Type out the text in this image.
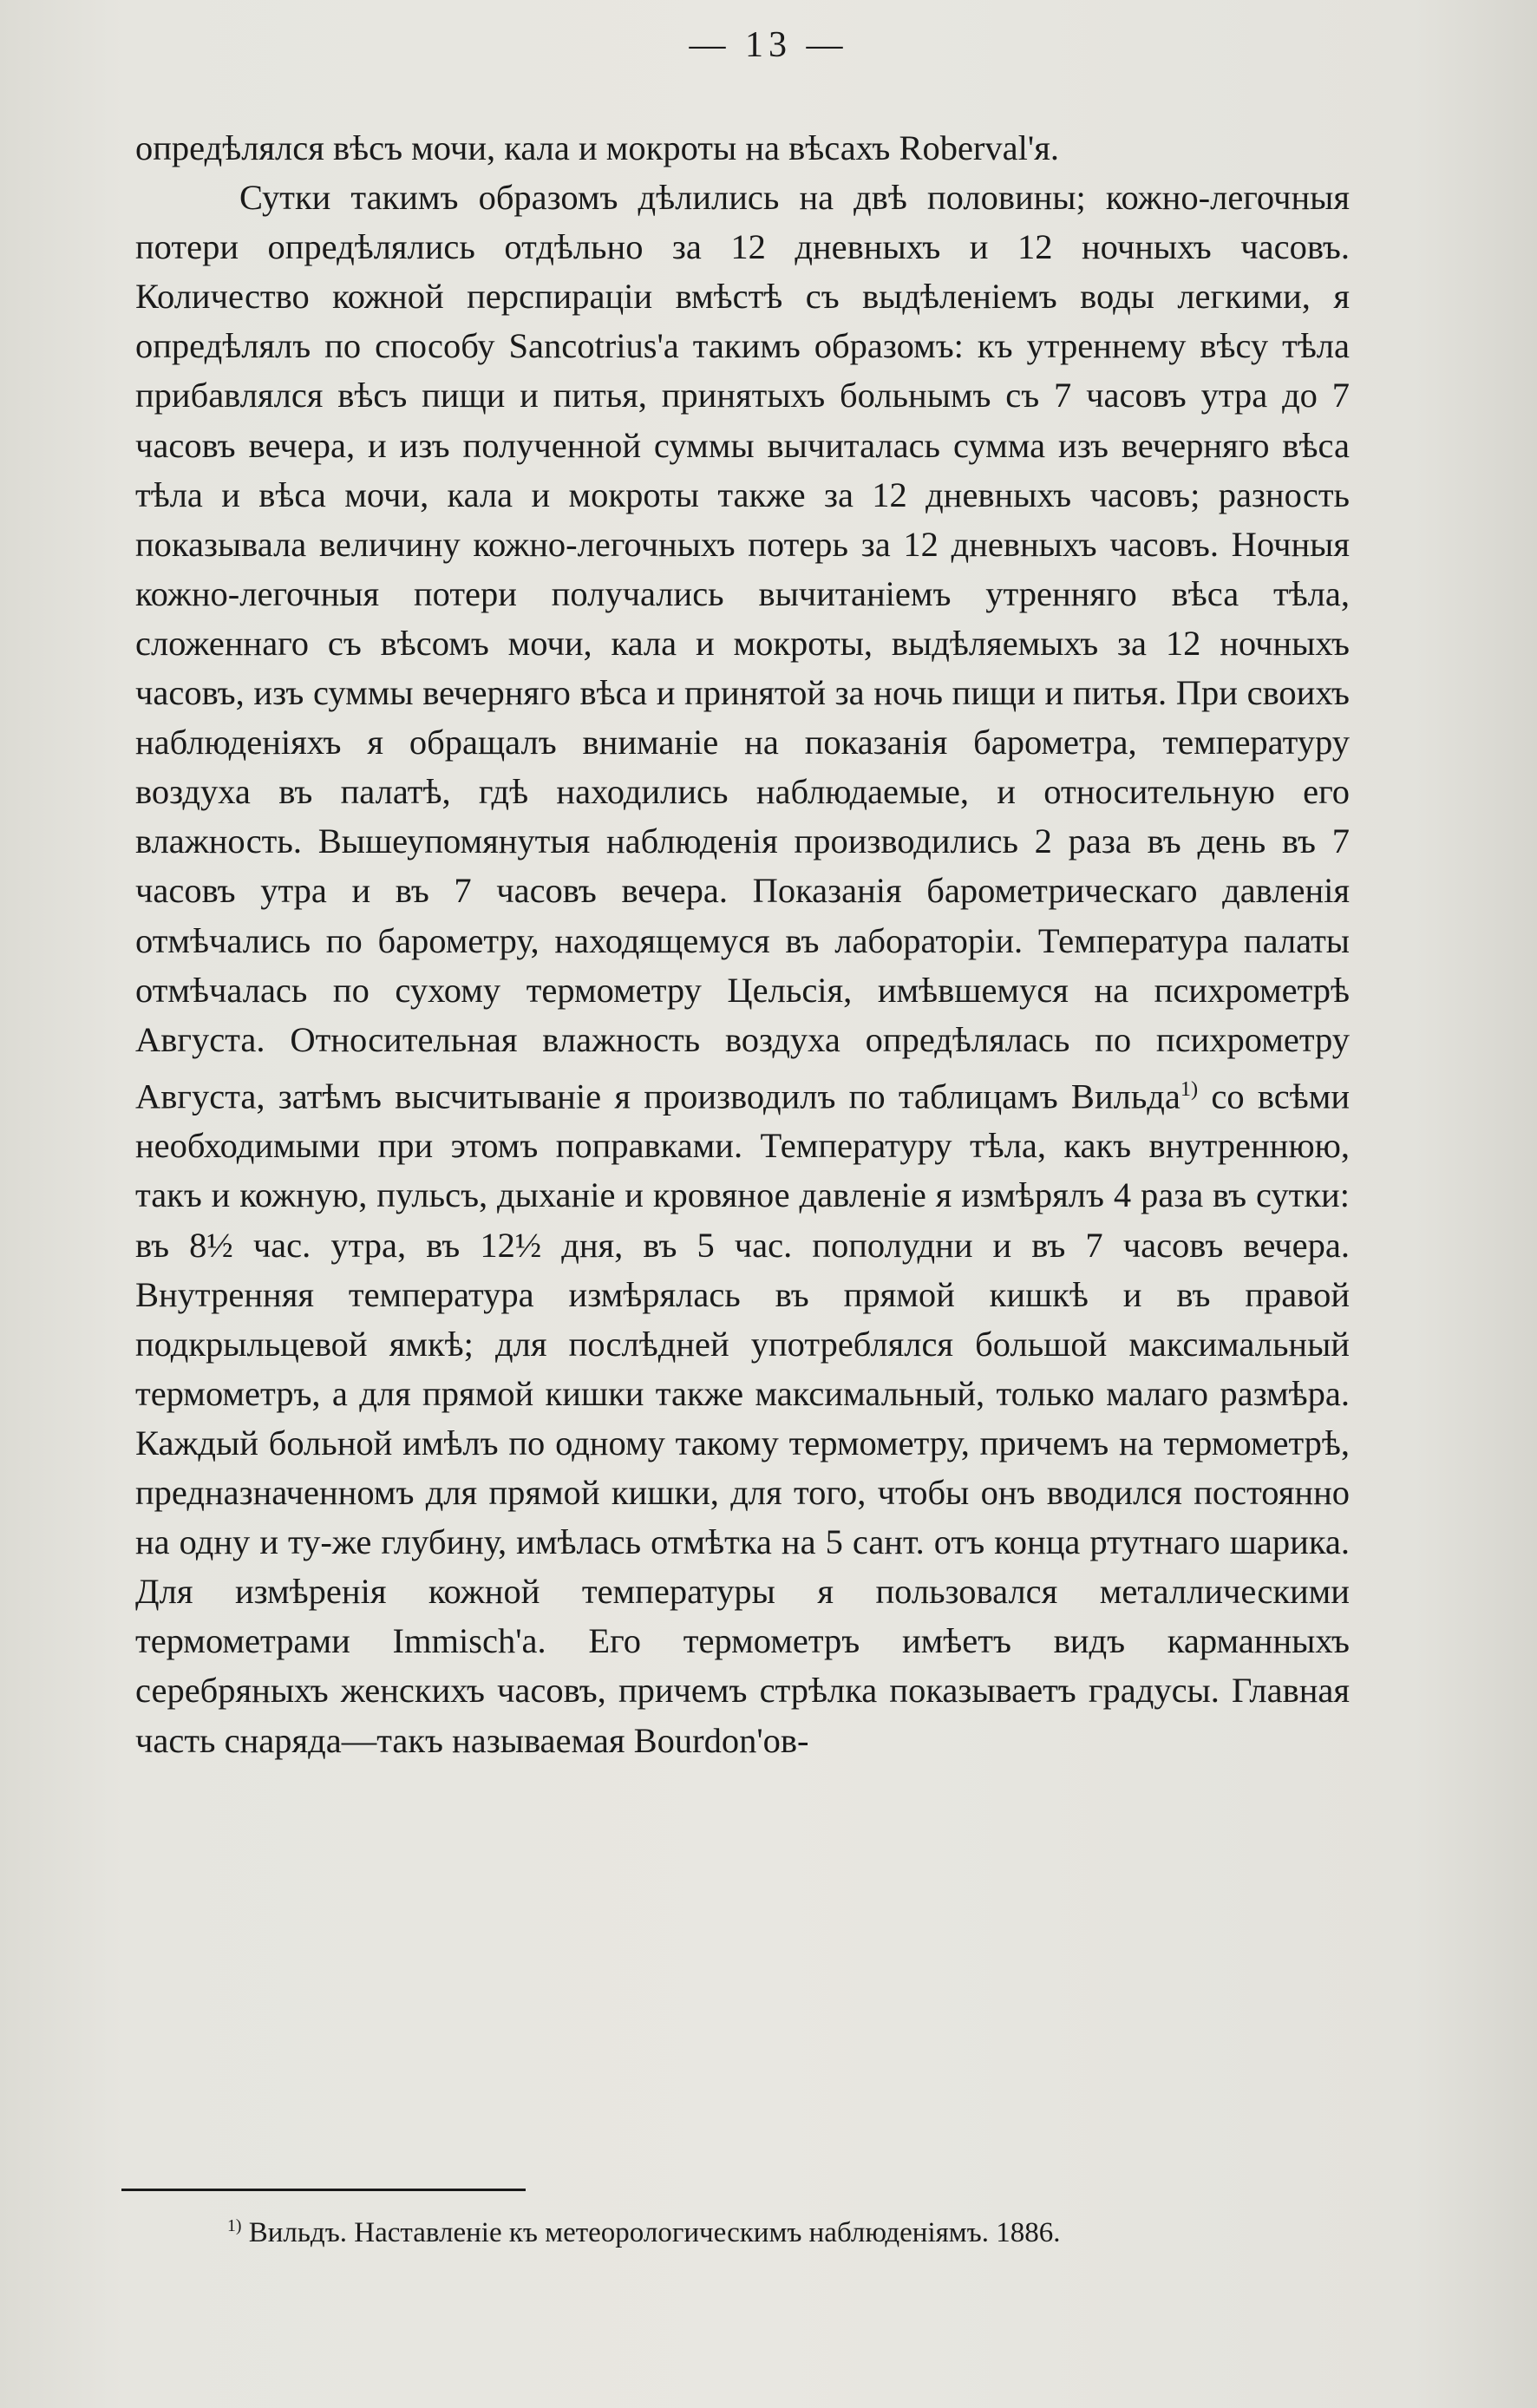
— 13 —

опредѣлялся вѣсъ мочи, кала и мокроты на вѣсахъ Roberval'я.

Сутки такимъ образомъ дѣлились на двѣ половины; кожно-легочныя потери опредѣлялись отдѣльно за 12 дневныхъ и 12 ночныхъ часовъ. Количество кожной перспираціи вмѣстѣ съ выдѣленіемъ воды легкими, я опредѣлялъ по способу Sancotrius'а такимъ образомъ: къ утреннему вѣсу тѣла прибавлялся вѣсъ пищи и питья, принятыхъ больнымъ съ 7 часовъ утра до 7 часовъ вечера, и изъ полученной суммы вычиталась сумма изъ вечерняго вѣса тѣла и вѣса мочи, кала и мокроты также за 12 дневныхъ часовъ; разность показывала величину кожно-легочныхъ потерь за 12 дневныхъ часовъ. Ночныя кожно-легочныя потери получались вычитаніемъ утренняго вѣса тѣла, сложеннаго съ вѣсомъ мочи, кала и мокроты, выдѣляемыхъ за 12 ночныхъ часовъ, изъ суммы вечерняго вѣса и принятой за ночь пищи и питья. При своихъ наблюденіяхъ я обращалъ вниманіе на показанія барометра, температуру воздуха въ палатѣ, гдѣ находились наблюдаемые, и относительную его влажность. Вышеупомянутыя наблюденія производились 2 раза въ день въ 7 часовъ утра и въ 7 часовъ вечера. Показанія барометрическаго давленія отмѣчались по барометру, находящемуся въ лабораторіи. Температура палаты отмѣчалась по сухому термометру Цельсія, имѣвшемуся на психрометрѣ Августа. Относительная влажность воздуха опредѣлялась по психрометру Августа, затѣмъ высчитываніе я производилъ по таблицамъ Вильда$^{1)}$ со всѣми необходимыми при этомъ поправками. Температуру тѣла, какъ внутреннюю, такъ и кожную, пульсъ, дыханіе и кровяное давленіе я измѣрялъ 4 раза въ сутки: въ 8½ час. утра, въ 12½ дня, въ 5 час. пополудни и въ 7 часовъ вечера. Внутренняя температура измѣрялась въ прямой кишкѣ и въ правой подкрыльцевой ямкѣ; для послѣдней употреблялся большой максимальный термометръ, а для прямой кишки также максимальный, только малаго размѣра. Каждый больной имѣлъ по одному такому термометру, причемъ на термометрѣ, предназначенномъ для прямой кишки, для того, чтобы онъ вводился постоянно на одну и ту-же глубину, имѣлась отмѣтка на 5 сант. отъ конца ртутнаго шарика. Для измѣренія кожной температуры я пользовался металлическими термометрами Immisch'а. Его термометръ имѣетъ видъ карманныхъ серебряныхъ женскихъ часовъ, причемъ стрѣлка показываетъ градусы. Главная часть снаряда—такъ называемая Bourdon'ов-

$^{1)}$ Вильдъ. Наставленіе къ метеорологическимъ наблюденіямъ. 1886.
